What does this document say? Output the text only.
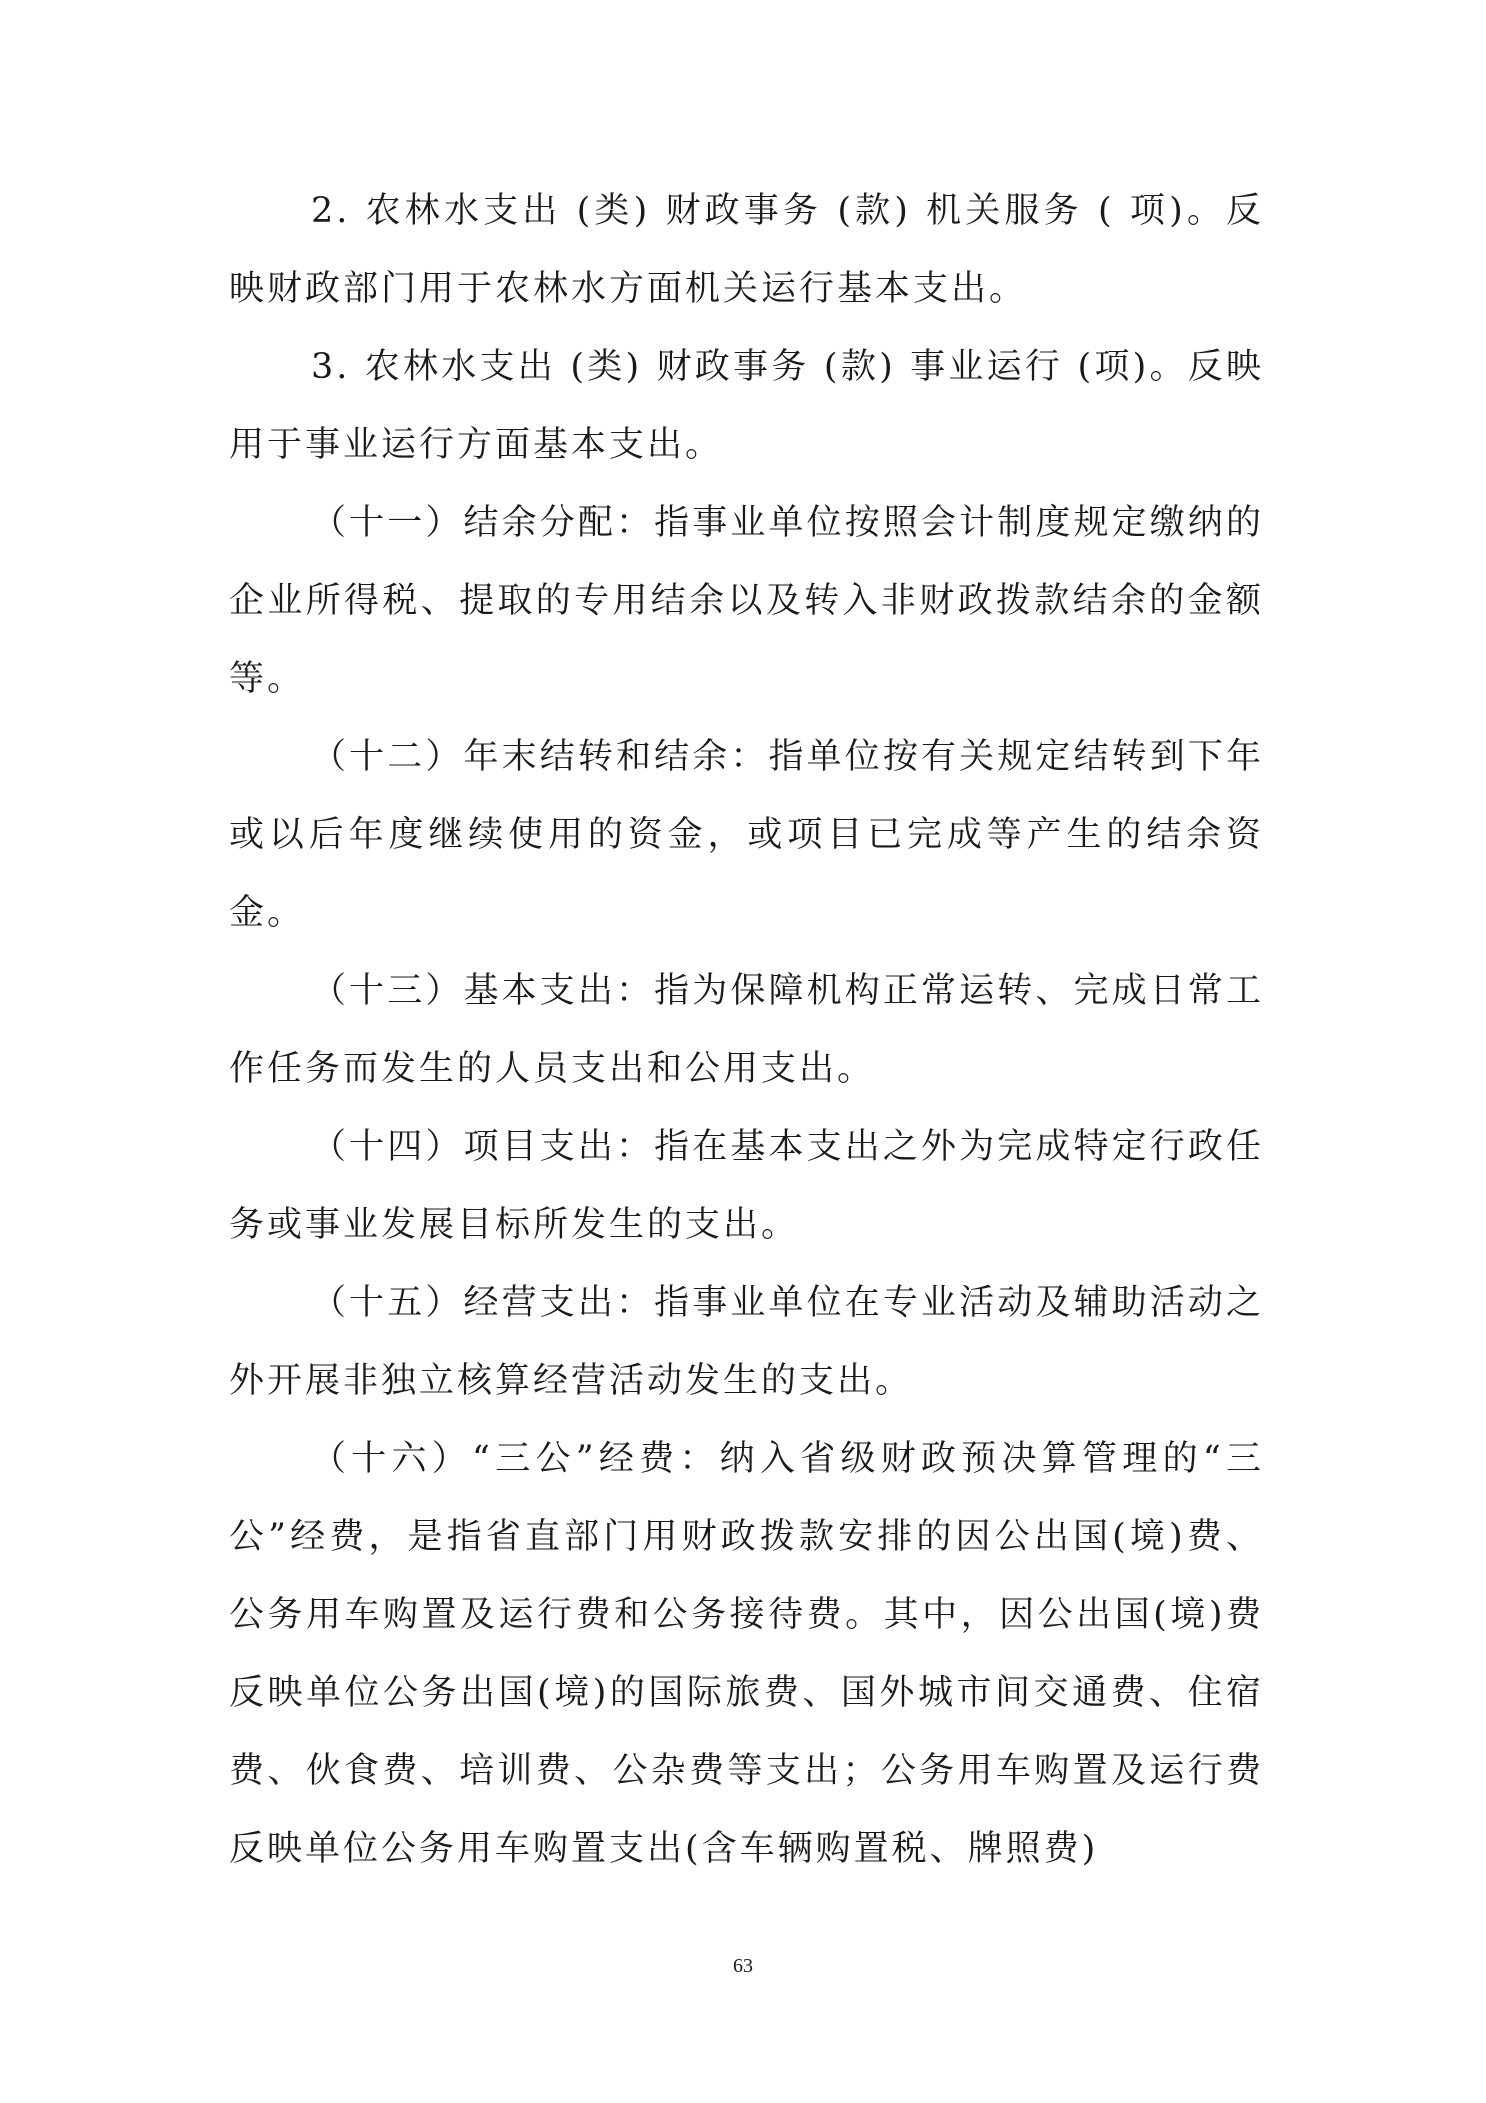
2. 农林水支出 (类) 财政事务 (款) 机关服务 ( 项)。反映财政部门用于农林水方面机关运行基本支出。

3. 农林水支出 (类) 财政事务 (款) 事业运行 (项)。反映用于事业运行方面基本支出。

（十一）结余分配：指事业单位按照会计制度规定缴纳的企业所得税、提取的专用结余以及转入非财政拨款结余的金额等。

（十二）年末结转和结余：指单位按有关规定结转到下年或以后年度继续使用的资金，或项目已完成等产生的结余资金。

（十三）基本支出：指为保障机构正常运转、完成日常工作任务而发生的人员支出和公用支出。

（十四）项目支出：指在基本支出之外为完成特定行政任务或事业发展目标所发生的支出。

（十五）经营支出：指事业单位在专业活动及辅助活动之外开展非独立核算经营活动发生的支出。

（十六）“三公”经费：纳入省级财政预决算管理的“三公”经费，是指省直部门用财政拨款安排的因公出国(境)费、公务用车购置及运行费和公务接待费。其中，因公出国(境)费反映单位公务出国(境)的国际旅费、国外城市间交通费、住宿费、伙食费、培训费、公杂费等支出；公务用车购置及运行费反映单位公务用车购置支出(含车辆购置税、牌照费)

63
